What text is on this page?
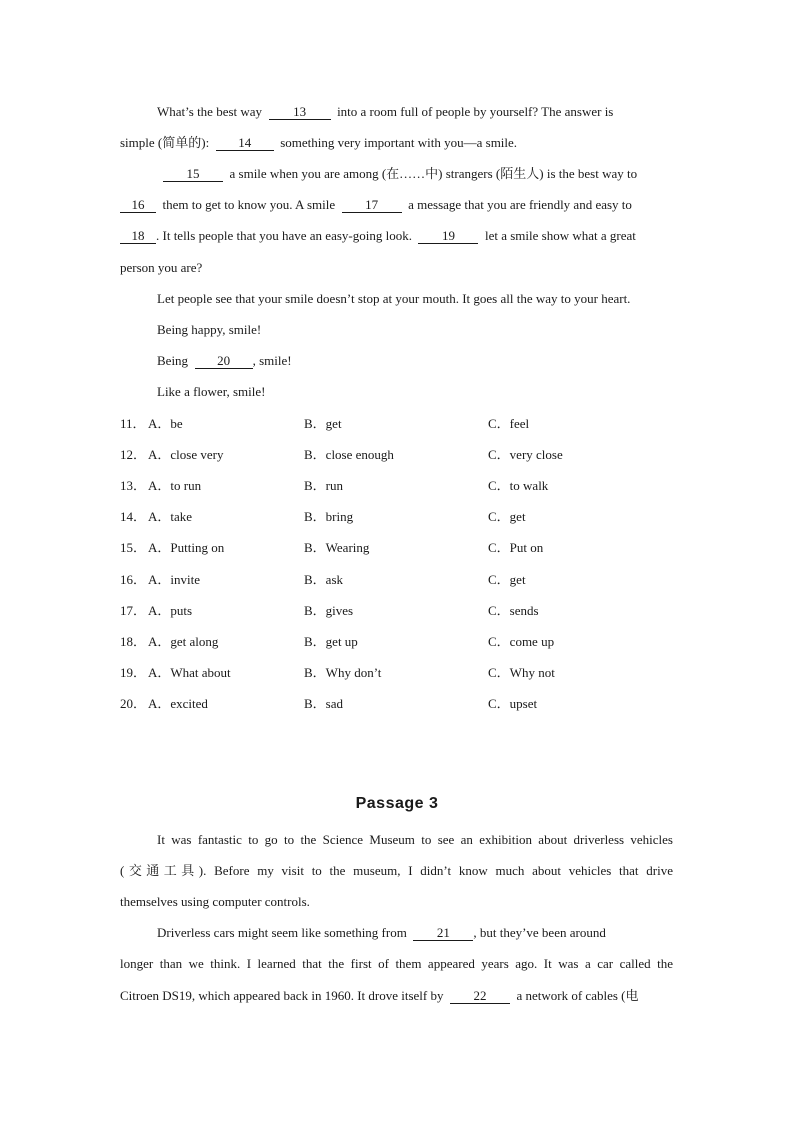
What’s the best way 13 into a room full of people by yourself? The answer is
simple (简单的): 14 something very important with you—a smile.
15 a smile when you are among (在……中) strangers (陌生人) is the best way to
16 them to get to know you. A smile 17 a message that you are friendly and easy to
18 . It tells people that you have an easy-going look. 19 let a smile show what a great
person you are?
Let people see that your smile doesn’t stop at your mouth. It goes all the way to your heart.
Being happy, smile!
Being 20 , smile!
Like a flower, smile!
11． A．be	B．get	C．feel
12． A．close very	B．close enough	C．very close
13． A．to run	B．run	C．to walk
14． A．take	B．bring	C．get
15． A．Putting on	B．Wearing	C．Put on
16． A．invite	B．ask	C．get
17． A．puts	B．gives	C．sends
18． A．get along	B．get up	C．come up
19． A．What about	B．Why don’t	C．Why not
20． A．excited	B．sad	C．upset
Passage 3
It was fantastic to go to the Science Museum to see an exhibition about driverless vehicles
(交通工具). Before my visit to the museum, I didn’t know much about vehicles that drive
themselves using computer controls.
Driverless cars might seem like something from 21 , but they’ve been around
longer than we think. I learned that the first of them appeared years ago. It was a car called the
Citroen DS19, which appeared back in 1960. It drove itself by 22 a network of cables (电
